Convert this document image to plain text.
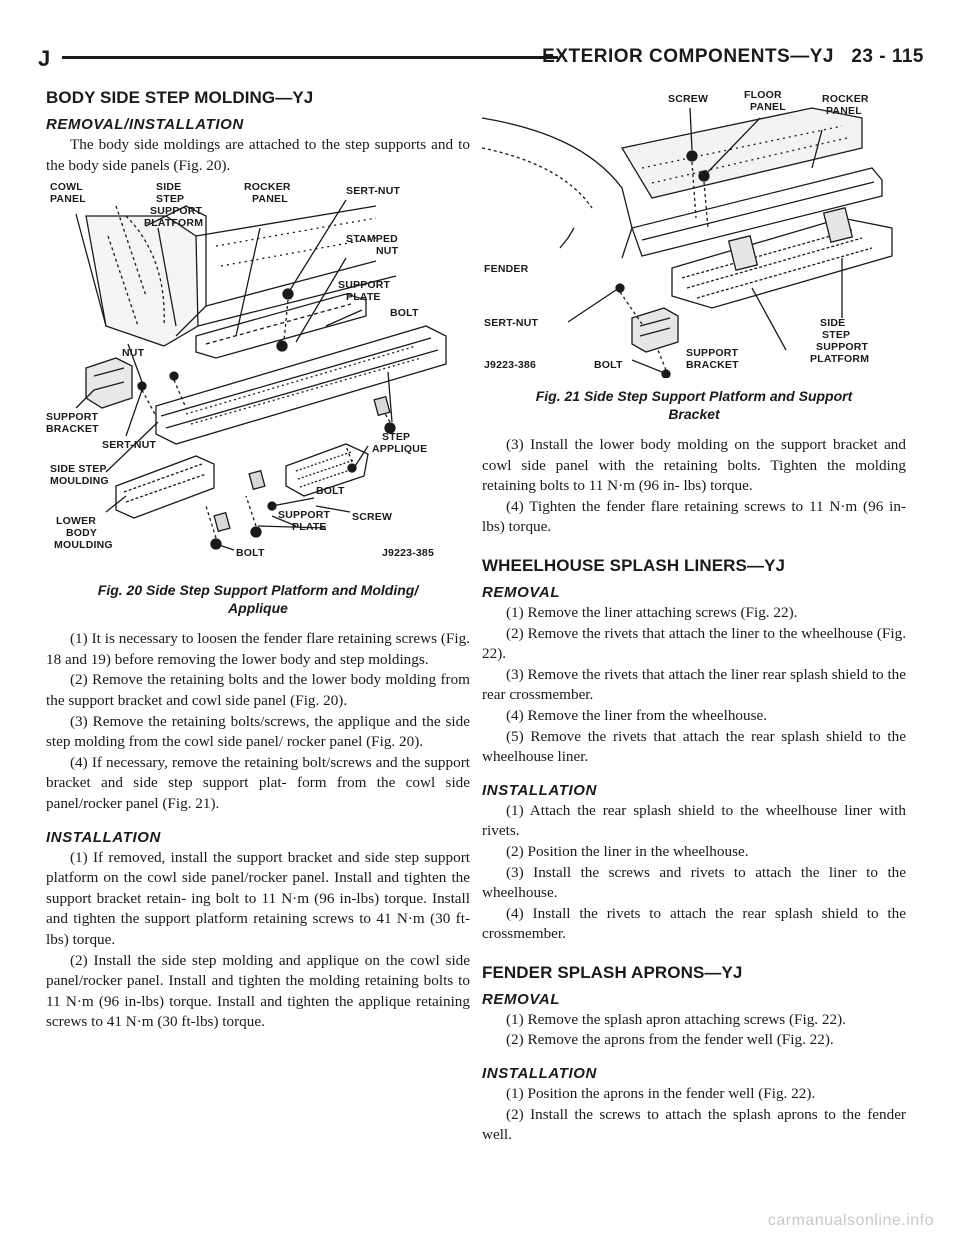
J	EXTERIOR COMPONENTS—YJ 23 - 115
BODY SIDE STEP MOLDING—YJ
REMOVAL/INSTALLATION

The body side moldings are attached to the step supports and to the body side panels (Fig. 20).

COWL
PANEL
SIDE
STEP
SUPPORT
PLATFORM
ROCKER
PANEL
SERT-NUT
STAMPED
NUT
SUPPORT
PLATE
BOLT
NUT
SUPPORT
BRACKET
SERT-NUT
SIDE STEP
MOULDING
STEP
APPLIQUE
BOLT
LOWER
BODY
MOULDING
SUPPORT
PLATE
SCREW
BOLT	J9223-385
Fig. 20 Side Step Support Platform and Molding/
Applique

(1) It is necessary to loosen the fender flare retaining screws (Fig. 18 and 19) before removing the lower body and step moldings.

(2) Remove the retaining bolts and the lower body molding from the support bracket and cowl side panel (Fig. 20).

(3) Remove the retaining bolts/screws, the applique and the side step molding from the cowl side panel/ rocker panel (Fig. 20).

(4) If necessary, remove the retaining bolt/screws and the support bracket and side step support plat- form from the cowl side panel/rocker panel (Fig. 21).

INSTALLATION

(1) If removed, install the support bracket and side step support platform on the cowl side panel/rocker panel. Install and tighten the support bracket retain- ing bolt to 11 N·m (96 in-lbs) torque. Install and tighten the support platform retaining screws to 41 N·m (30 ft-lbs) torque.

(2) Install the side step molding and applique on the cowl side panel/rocker panel. Install and tighten the molding retaining bolts to 11 N·m (96 in-lbs) torque. Install and tighten the applique retaining screws to 41 N·m (30 ft-lbs) torque.

SCREW	FLOOR
PANEL
ROCKER
PANEL
FENDER
SERT-NUT	SIDE
STEP
SUPPORT
PLATFORM
J9223-386	BOLT
SUPPORT
BRACKET
Fig. 21 Side Step Support Platform and Support
Bracket

(3) Install the lower body molding on the support bracket and cowl side panel with the retaining bolts. Tighten the molding retaining bolts to 11 N·m (96 in- lbs) torque.

(4) Tighten the fender flare retaining screws to 11 N·m (96 in-lbs) torque.

WHEELHOUSE SPLASH LINERS—YJ
REMOVAL

(1) Remove the liner attaching screws (Fig. 22).

(2) Remove the rivets that attach the liner to the wheelhouse (Fig. 22).

(3) Remove the rivets that attach the liner rear splash shield to the rear crossmember.

(4) Remove the liner from the wheelhouse.

(5) Remove the rivets that attach the rear splash shield to the wheelhouse liner.

INSTALLATION

(1) Attach the rear splash shield to the wheelhouse liner with rivets.

(2) Position the liner in the wheelhouse.

(3) Install the screws and rivets to attach the liner to the wheelhouse.

(4) Install the rivets to attach the rear splash shield to the crossmember.

FENDER SPLASH APRONS—YJ
REMOVAL

(1) Remove the splash apron attaching screws (Fig. 22).

(2) Remove the aprons from the fender well (Fig. 22).

INSTALLATION

(1) Position the aprons in the fender well (Fig. 22).

(2) Install the screws to attach the splash aprons to the fender well.

carmanualsonline.info
